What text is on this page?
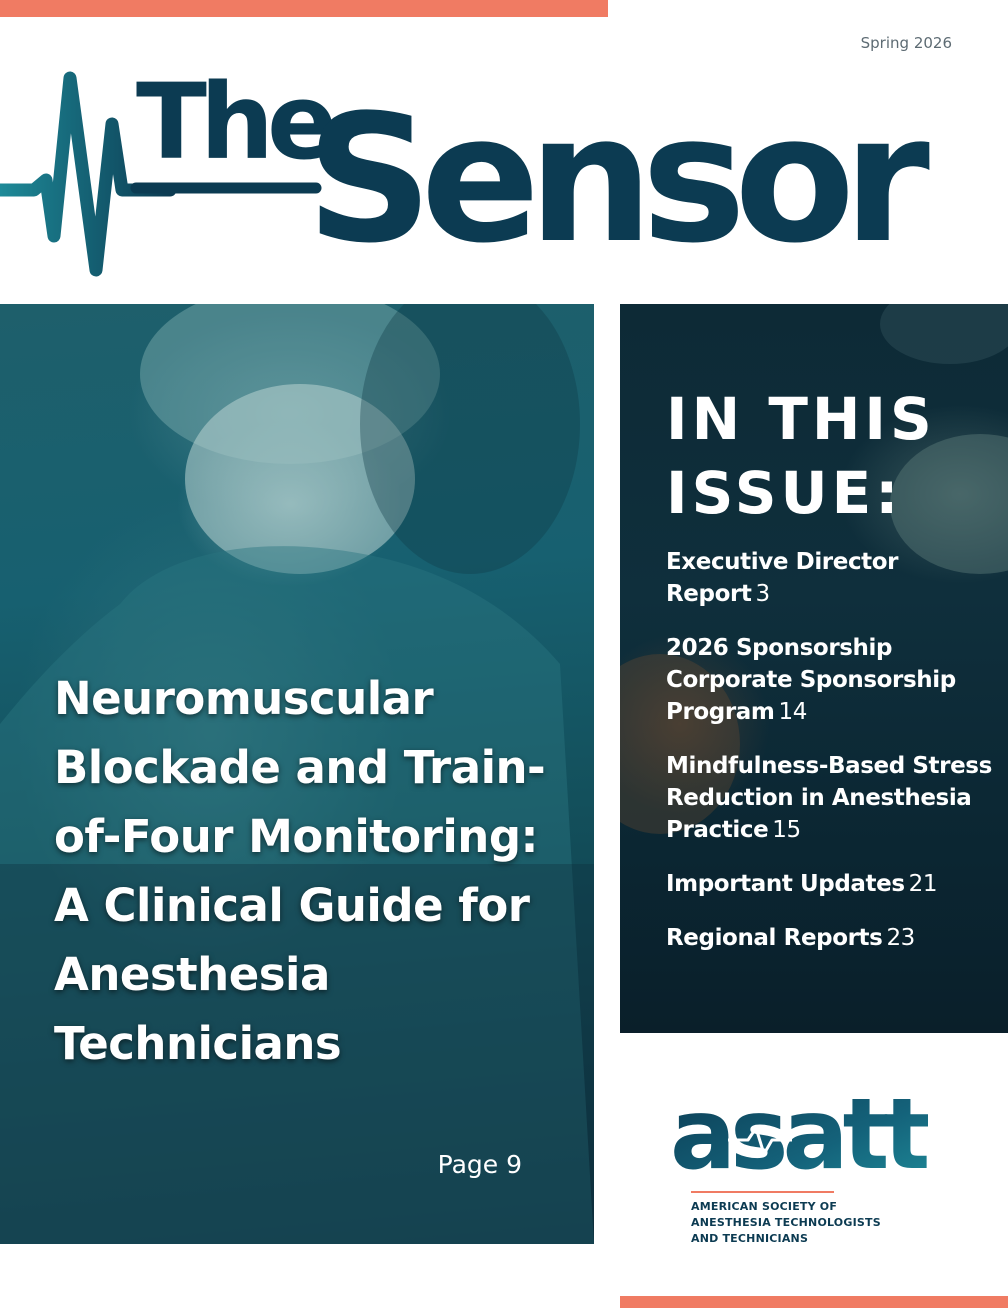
Spring 2026
The
Sensor
Neuromuscular Blockade and Train-of-Four Monitoring: A Clinical Guide for Anesthesia Technicians
Page 9
IN THIS ISSUE:
Executive Director Report 3
2026 Sponsorship Corporate Sponsorship Program 14
Mindfulness-Based Stress Reduction in Anesthesia Practice 15
Important Updates 21
Regional Reports 23
asatt
AMERICAN SOCIETY OF
ANESTHESIA TECHNOLOGISTS
AND TECHNICIANS
